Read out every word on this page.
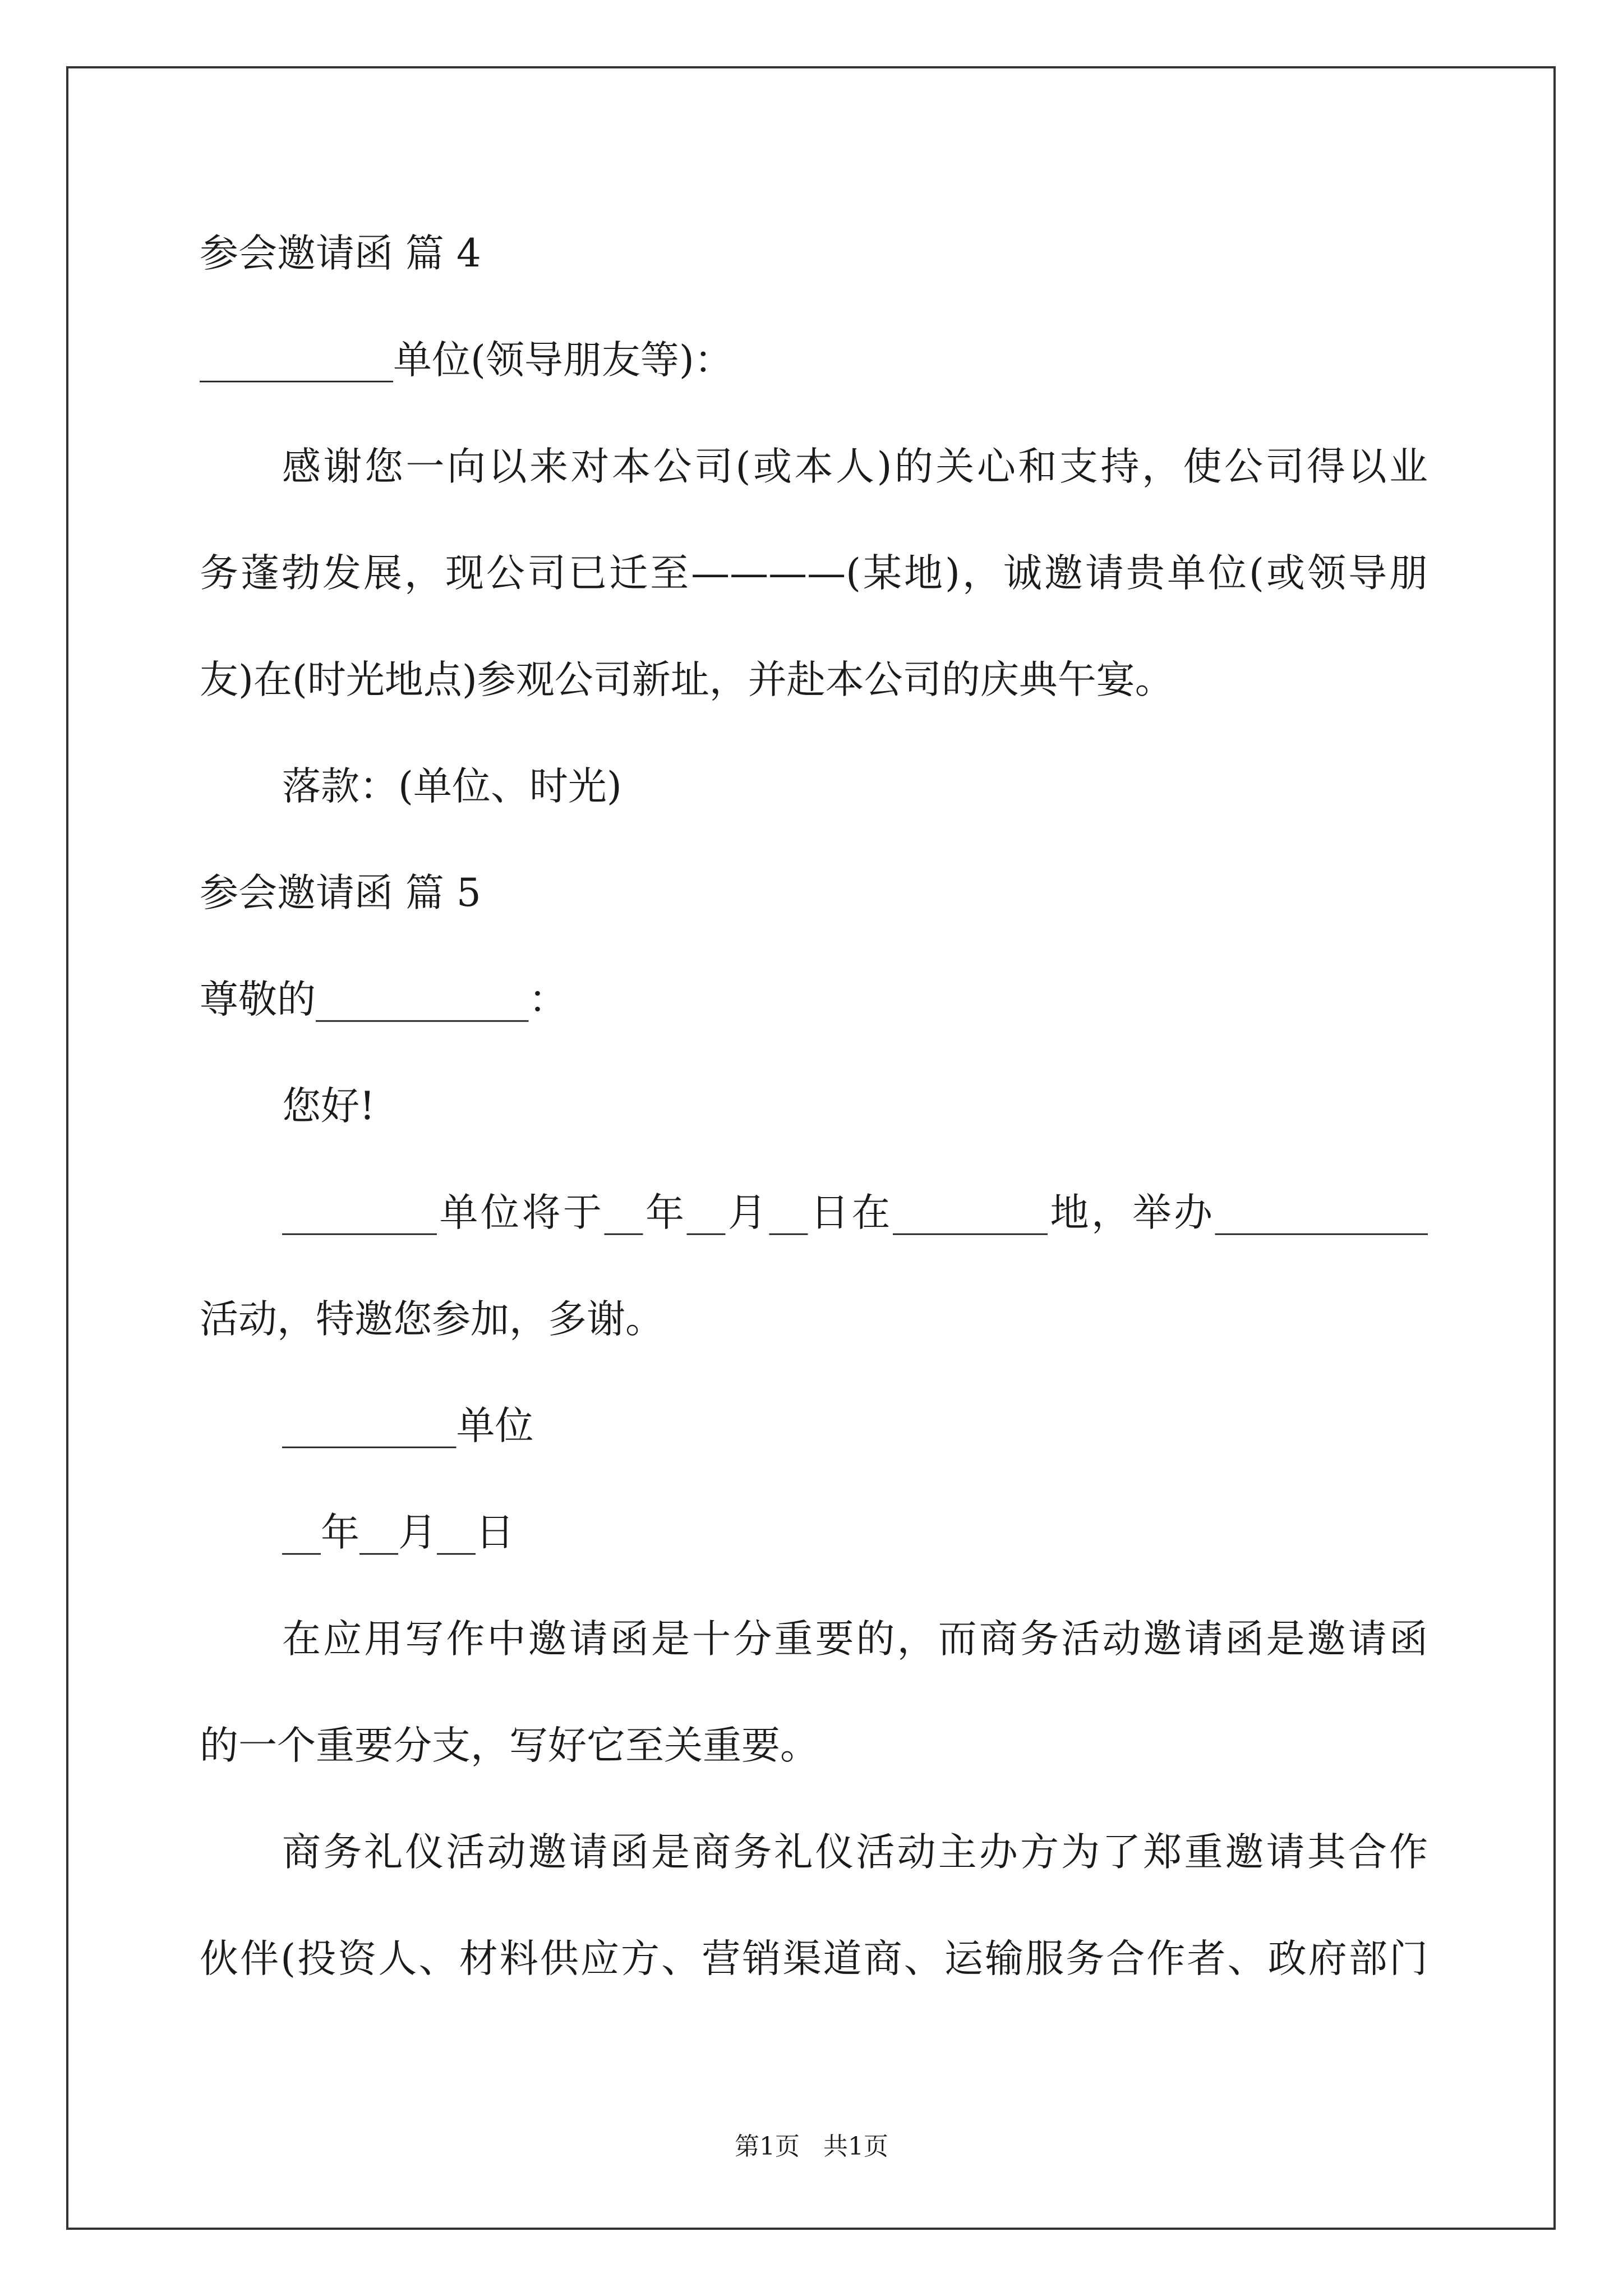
参会邀请函 篇 4
__________单位(领导朋友等)：
感谢您一向以来对本公司(或本人)的关心和支持，使公司得以业
务蓬勃发展，现公司已迁至————(某地)，诚邀请贵单位(或领导朋
友)在(时光地点)参观公司新址，并赴本公司的庆典午宴。
落款：(单位、时光)
参会邀请函 篇 5
尊敬的___________：
您好!
________单位将于__年__月__日在________地，举办___________
活动，特邀您参加，多谢。
_________单位
__年__月__日
在应用写作中邀请函是十分重要的，而商务活动邀请函是邀请函
的一个重要分支，写好它至关重要。
商务礼仪活动邀请函是商务礼仪活动主办方为了郑重邀请其合作
伙伴(投资人、材料供应方、营销渠道商、运输服务合作者、政府部门
第1页   共1页
